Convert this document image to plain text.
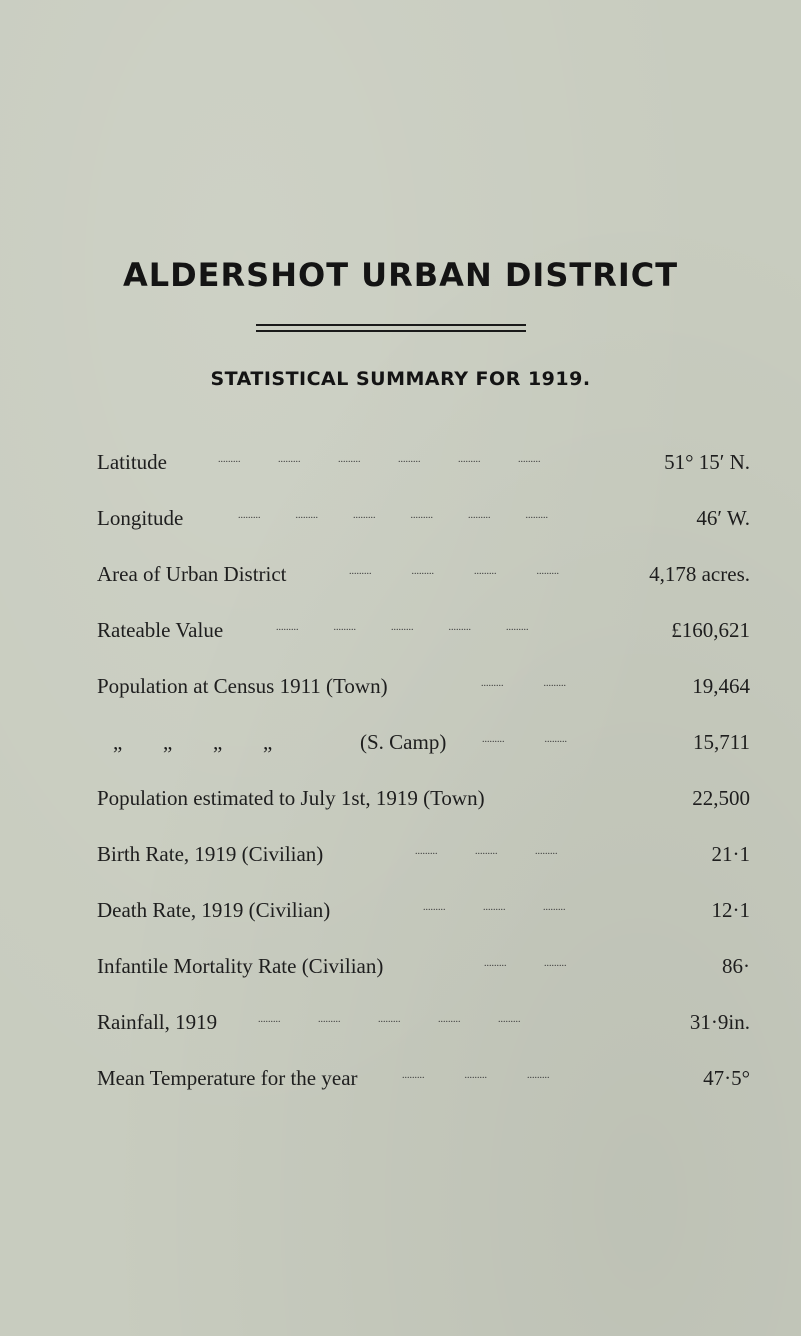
ALDERSHOT URBAN DISTRICT
STATISTICAL SUMMARY FOR 1919.
Latitude	.........               .........               .........               .........               .........               .........	51° 15′ N.
Longitude	.........              .........              .........              .........              .........              .........	46′ W.
Area of Urban District	.........                .........                .........                .........	4,178 acres.
Rateable Value	.........              .........              .........              .........              .........	£160,621
Population at Census 1911 (Town)	.........                .........	19,464
„ „ „ „	(S. Camp)	.........                .........	15,711
Population estimated to July 1st, 1919 (Town)	22,500
Birth Rate, 1919 (Civilian)	.........               .........               .........	21·1
Death Rate, 1919 (Civilian)	.........               .........               .........	12·1
Infantile Mortality Rate (Civilian)	.........               .........	86·
Rainfall, 1919	.........               .........               .........               .........               .........	31·9in.
Mean Temperature for the year	.........                .........                .........	47·5°
